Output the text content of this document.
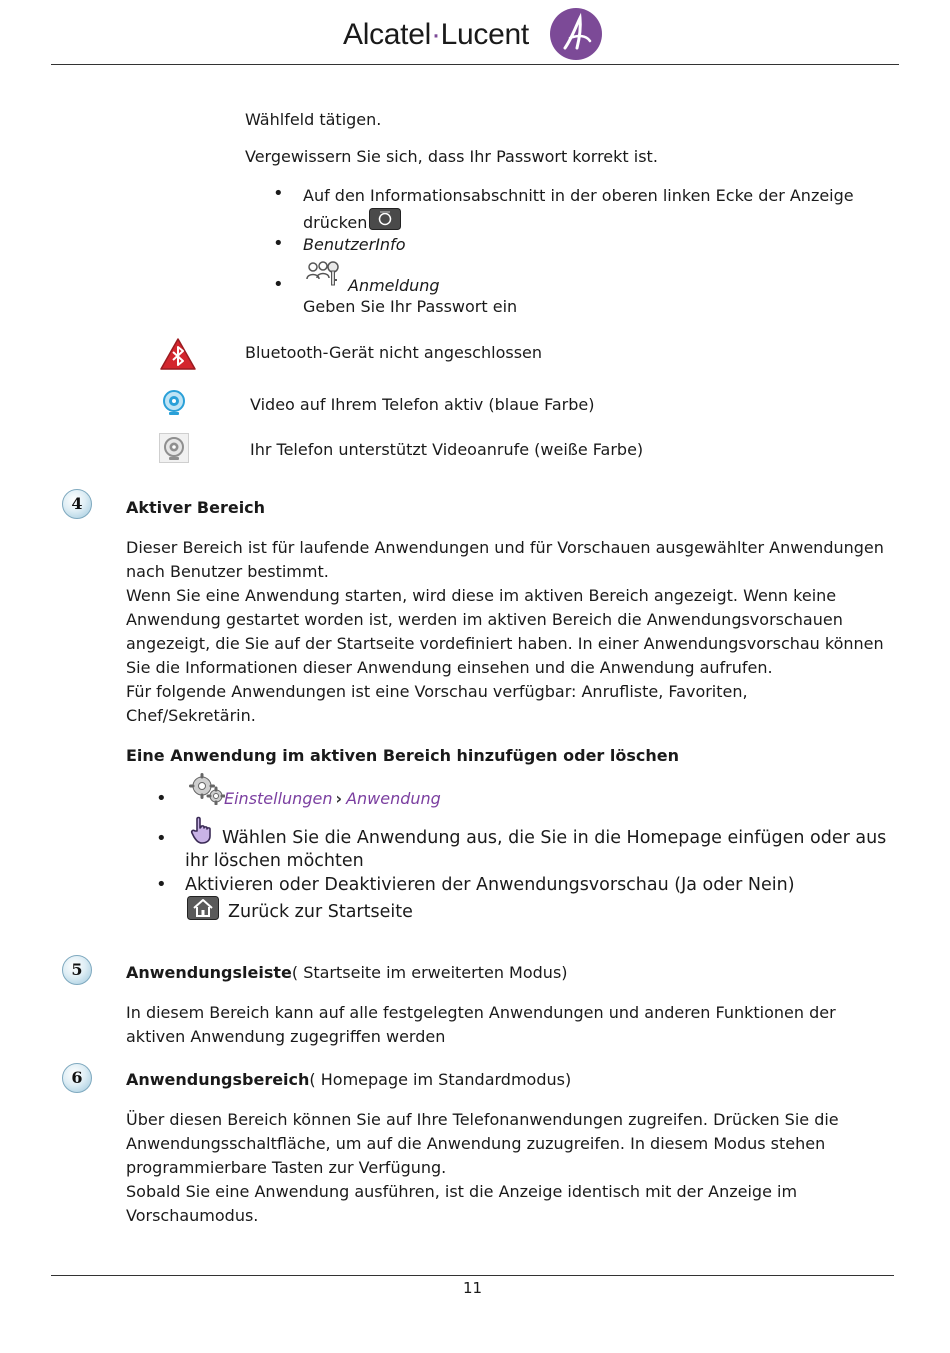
Alcatel·Lucent
Wählfeld tätigen.
Vergewissern Sie sich, dass Ihr Passwort korrekt ist.
• Auf den Informationsabschnitt in der oberen linken Ecke der Anzeige
drücken
• BenutzerInfo
•	Anmeldung
Geben Sie Ihr Passwort ein
Bluetooth-Gerät nicht angeschlossen
Video auf Ihrem Telefon aktiv (blaue Farbe)
Ihr Telefon unterstützt Videoanrufe (weiße Farbe)
4	Aktiver Bereich
Dieser Bereich ist für laufende Anwendungen und für Vorschauen ausgewählter Anwendungen
nach Benutzer bestimmt.
Wenn Sie eine Anwendung starten, wird diese im aktiven Bereich angezeigt. Wenn keine
Anwendung gestartet worden ist, werden im aktiven Bereich die Anwendungsvorschauen
angezeigt, die Sie auf der Startseite vordefiniert haben. In einer Anwendungsvorschau können
Sie die Informationen dieser Anwendung einsehen und die Anwendung aufrufen.
Für folgende Anwendungen ist eine Vorschau verfügbar: Anrufliste, Favoriten,
Chef/Sekretärin.
Eine Anwendung im aktiven Bereich hinzufügen oder löschen
•	Einstellungen › Anwendung
•	Wählen Sie die Anwendung aus, die Sie in die Homepage einfügen oder aus
ihr löschen möchten
• Aktivieren oder Deaktivieren der Anwendungsvorschau (Ja oder Nein)
Zurück zur Startseite
5	Anwendungsleiste( Startseite im erweiterten Modus)
In diesem Bereich kann auf alle festgelegten Anwendungen und anderen Funktionen der
aktiven Anwendung zugegriffen werden
6	Anwendungsbereich( Homepage im Standardmodus)
Über diesen Bereich können Sie auf Ihre Telefonanwendungen zugreifen. Drücken Sie die
Anwendungsschaltfläche, um auf die Anwendung zuzugreifen. In diesem Modus stehen
programmierbare Tasten zur Verfügung.
Sobald Sie eine Anwendung ausführen, ist die Anzeige identisch mit der Anzeige im
Vorschaumodus.
11
